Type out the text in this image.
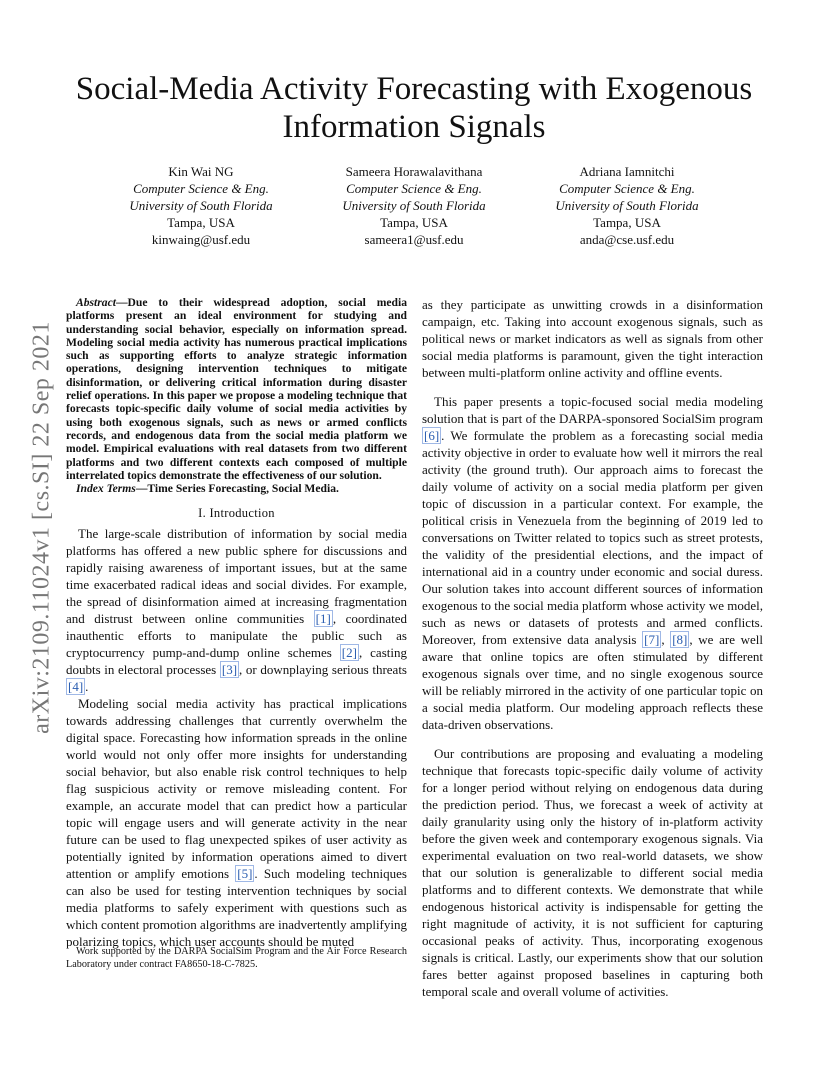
Social-Media Activity Forecasting with Exogenous Information Signals
Kin Wai NG
Computer Science & Eng.
University of South Florida
Tampa, USA
kinwaing@usf.edu
Sameera Horawalavithana
Computer Science & Eng.
University of South Florida
Tampa, USA
sameera1@usf.edu
Adriana Iamnitchi
Computer Science & Eng.
University of South Florida
Tampa, USA
anda@cse.usf.edu
arXiv:2109.11024v1 [cs.SI] 22 Sep 2021

Abstract—Due to their widespread adoption, social media platforms present an ideal environment for studying and understanding social behavior, especially on information spread. Modeling social media activity has numerous practical implications such as supporting efforts to analyze strategic information operations, designing intervention techniques to mitigate disinformation, or delivering critical information during disaster relief operations. In this paper we propose a modeling technique that forecasts topic-specific daily volume of social media activities by using both exogenous signals, such as news or armed conflicts records, and endogenous data from the social media platform we model. Empirical evaluations with real datasets from two different platforms and two different contexts each composed of multiple interrelated topics demonstrate the effectiveness of our solution.

Index Terms—Time Series Forecasting, Social Media.

I. Introduction

The large-scale distribution of information by social media platforms has offered a new public sphere for discussions and rapidly raising awareness of important issues, but at the same time exacerbated radical ideas and social divides. For example, the spread of disinformation aimed at increasing fragmentation and distrust between online communities [1] , coordinated inauthentic efforts to manipulate the public such as cryptocurrency pump-and-dump online schemes [2] , casting doubts in electoral processes [3] , or downplaying serious threats [4] .

Modeling social media activity has practical implications towards addressing challenges that currently overwhelm the digital space. Forecasting how information spreads in the online world would not only offer more insights for understanding social behavior, but also enable risk control techniques to help flag suspicious activity or remove misleading content. For example, an accurate model that can predict how a particular topic will engage users and will generate activity in the near future can be used to flag unexpected spikes of user activity as potentially ignited by information operations aimed to divert attention or amplify emotions [5] . Such modeling techniques can also be used for testing intervention techniques by social media platforms to safely experiment with questions such as which content promotion algorithms are inadvertently amplifying polarizing topics, which user accounts should be muted

Work supported by the DARPA SocialSim Program and the Air Force Research Laboratory under contract FA8650-18-C-7825.

as they participate as unwitting crowds in a disinformation campaign, etc. Taking into account exogenous signals, such as political news or market indicators as well as signals from other social media platforms is paramount, given the tight interaction between multi-platform online activity and offline events.

This paper presents a topic-focused social media modeling solution that is part of the DARPA-sponsored SocialSim program [6] . We formulate the problem as a forecasting social media activity objective in order to evaluate how well it mirrors the real activity (the ground truth). Our approach aims to forecast the daily volume of activity on a social media platform per given topic of discussion in a particular context. For example, the political crisis in Venezuela from the beginning of 2019 led to conversations on Twitter related to topics such as street protests, the validity of the presidential elections, and the impact of international aid in a country under economic and social duress. Our solution takes into account different sources of information exogenous to the social media platform whose activity we model, such as news or datasets of protests and armed conflicts. Moreover, from extensive data analysis [7] , [8] , we are well aware that online topics are often stimulated by different exogenous signals over time, and no single exogenous source will be reliably mirrored in the activity of one particular topic on a social media platform. Our modeling approach reflects these data-driven observations.

Our contributions are proposing and evaluating a modeling technique that forecasts topic-specific daily volume of activity for a longer period without relying on endogenous data during the prediction period. Thus, we forecast a week of activity at daily granularity using only the history of in-platform activity before the given week and contemporary exogenous signals. Via experimental evaluation on two real-world datasets, we show that our solution is generalizable to different social media platforms and to different contexts. We demonstrate that while endogenous historical activity is indispensable for getting the right magnitude of activity, it is not sufficient for capturing occasional peaks of activity. Thus, incorporating exogenous signals is critical. Lastly, our experiments show that our solution fares better against proposed baselines in capturing both temporal scale and overall volume of activities.
